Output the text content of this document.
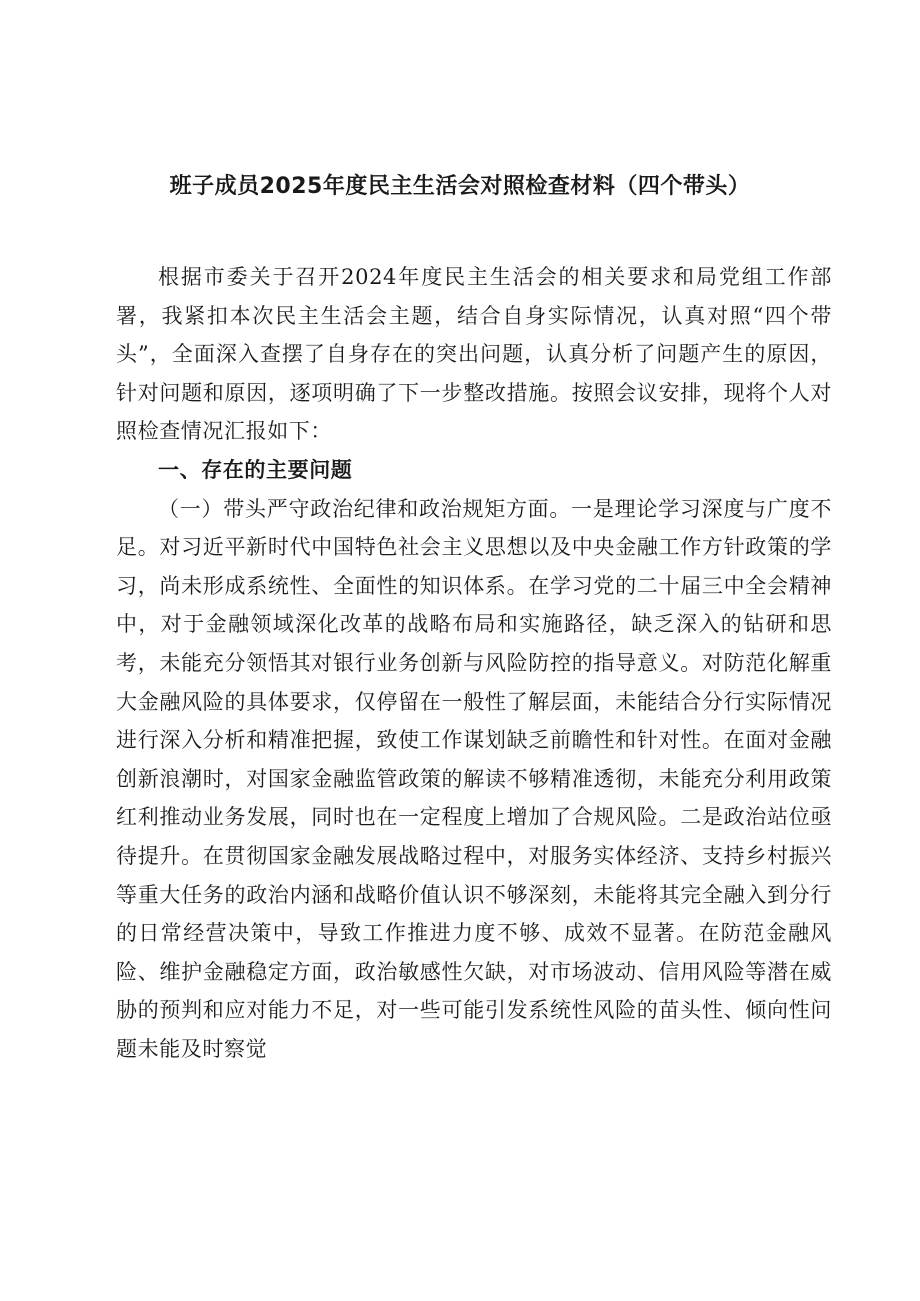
班子成员2025年度民主生活会对照检查材料（四个带头）

根据市委关于召开2024年度民主生活会的相关要求和局党组工作部署，我紧扣本次民主生活会主题，结合自身实际情况，认真对照“四个带头”，全面深入查摆了自身存在的突出问题，认真分析了问题产生的原因，针对问题和原因，逐项明确了下一步整改措施。按照会议安排，现将个人对照检查情况汇报如下：

一、存在的主要问题

（一）带头严守政治纪律和政治规矩方面。一是理论学习深度与广度不足。对习近平新时代中国特色社会主义思想以及中央金融工作方针政策的学习，尚未形成系统性、全面性的知识体系。在学习党的二十届三中全会精神中，对于金融领域深化改革的战略布局和实施路径，缺乏深入的钻研和思考，未能充分领悟其对银行业务创新与风险防控的指导意义。对防范化解重大金融风险的具体要求，仅停留在一般性了解层面，未能结合分行实际情况进行深入分析和精准把握，致使工作谋划缺乏前瞻性和针对性。在面对金融创新浪潮时，对国家金融监管政策的解读不够精准透彻，未能充分利用政策红利推动业务发展，同时也在一定程度上增加了合规风险。二是政治站位亟待提升。在贯彻国家金融发展战略过程中，对服务实体经济、支持乡村振兴等重大任务的政治内涵和战略价值认识不够深刻，未能将其完全融入到分行的日常经营决策中，导致工作推进力度不够、成效不显著。在防范金融风险、维护金融稳定方面，政治敏感性欠缺，对市场波动、信用风险等潜在威胁的预判和应对能力不足，对一些可能引发系统性风险的苗头性、倾向性问题未能及时察觉
